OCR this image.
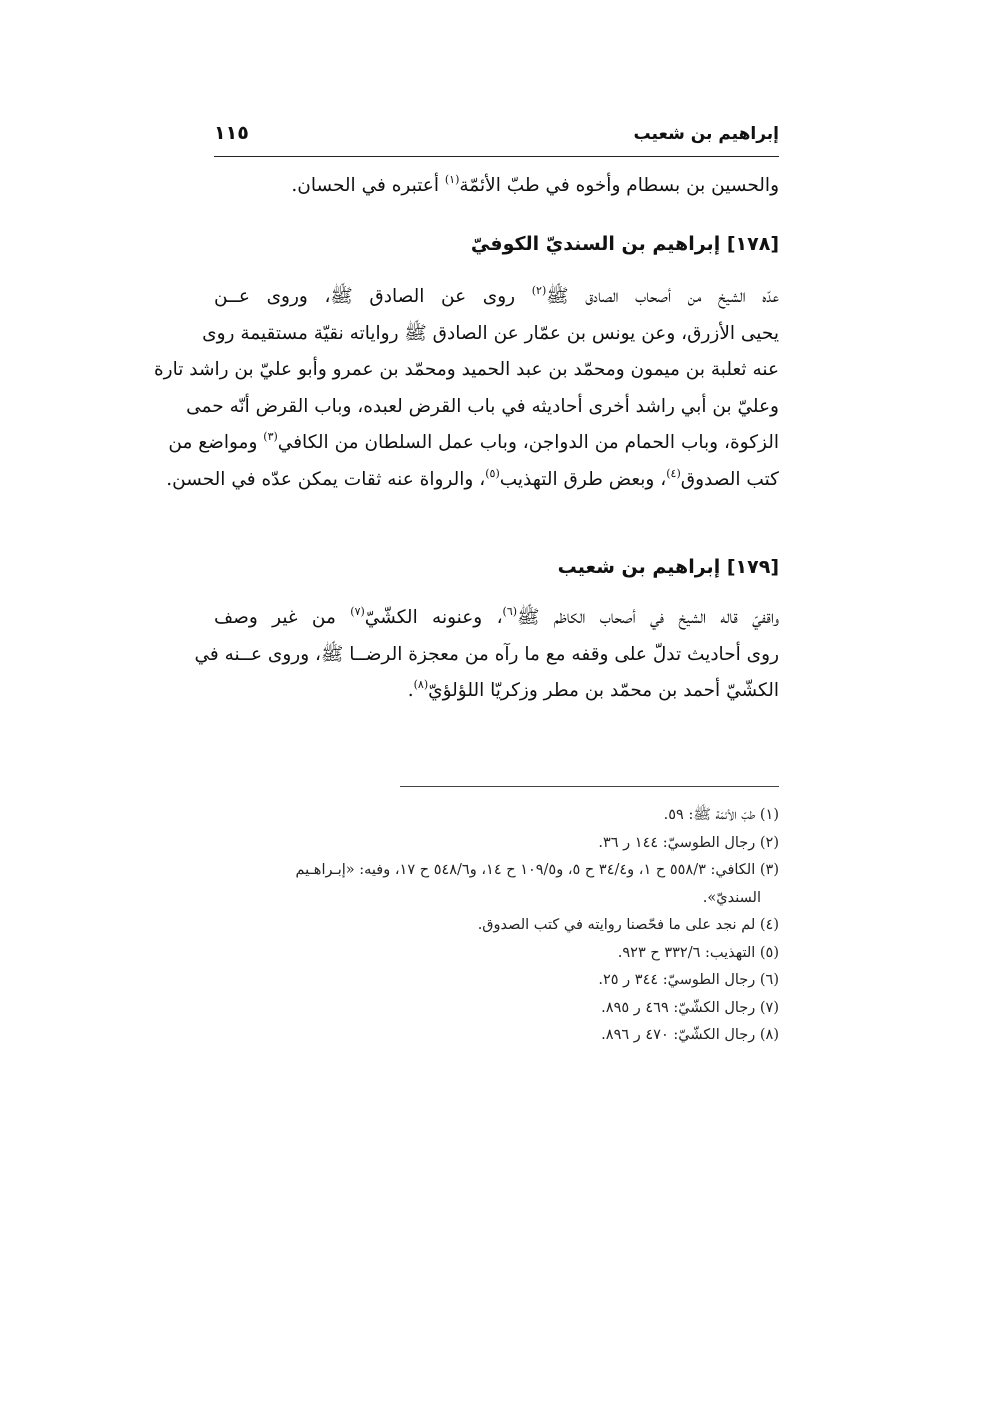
إبراهيم بن شعيب
١١٥
والحسين بن بسطام وأخوه في طبّ الأئمّة$^{(١)}$ أعتبره في الحسان.
[١٧٨] إبراهيم بن السنديّ الكوفيّ
عدّه الشيخ من أصحاب الصادق ﷺ$^{(٢)}$ روى عن الصادق ﷺ، وروى عــن
يحيى الأزرق، وعن يونس بن عمّار عن الصادق ﷺ رواياته نقيّة مستقيمة روى
عنه ثعلبة بن ميمون ومحمّد بن عبد الحميد ومحمّد بن عمرو وأبو عليّ بن راشد تارة
وعليّ بن أبي راشد أخرى أحاديثه في باب القرض لعبده، وباب القرض أنّه حمى
الزكوة، وباب الحمام من الدواجن، وباب عمل السلطان من الكافي$^{(٣)}$ ومواضع من
كتب الصدوق$^{(٤)}$، وبعض طرق التهذيب$^{(٥)}$، والرواة عنه ثقات يمكن عدّه في الحسن.
[١٧٩] إبراهيم بن شعيب
واقفيّ قاله الشيخ في أصحاب الكاظم ﷺ$^{(٦)}$، وعنونه الكشّيّ$^{(٧)}$ من غير وصف
روى أحاديث تدلّ على وقفه مع ما رآه من معجزة الرضــا ﷺ، وروى عــنه في
الكشّيّ أحمد بن محمّد بن مطر وزكريّا اللؤلؤيّ$^{(٨)}$.
(١) طبّ الأئمّة ﷺ: ٥٩.
(٢) رجال الطوسيّ: ١٤٤ ر ٣٦.
(٣) الكافي: ٥٥٨/٣ ح ١، و٣٤/٤ ح ٥، و١٠٩/٥ ح ١٤، و٥٤٨/٦ ح ١٧، وفيه: «إبـراهـيم
السنديّ».
(٤) لم نجد على ما فحّصنا روايته في كتب الصدوق.
(٥) التهذيب: ٣٣٢/٦ ح ٩٢٣.
(٦) رجال الطوسيّ: ٣٤٤ ر ٢٥.
(٧) رجال الكشّيّ: ٤٦٩ ر ٨٩٥.
(٨) رجال الكشّيّ: ٤٧٠ ر ٨٩٦.
